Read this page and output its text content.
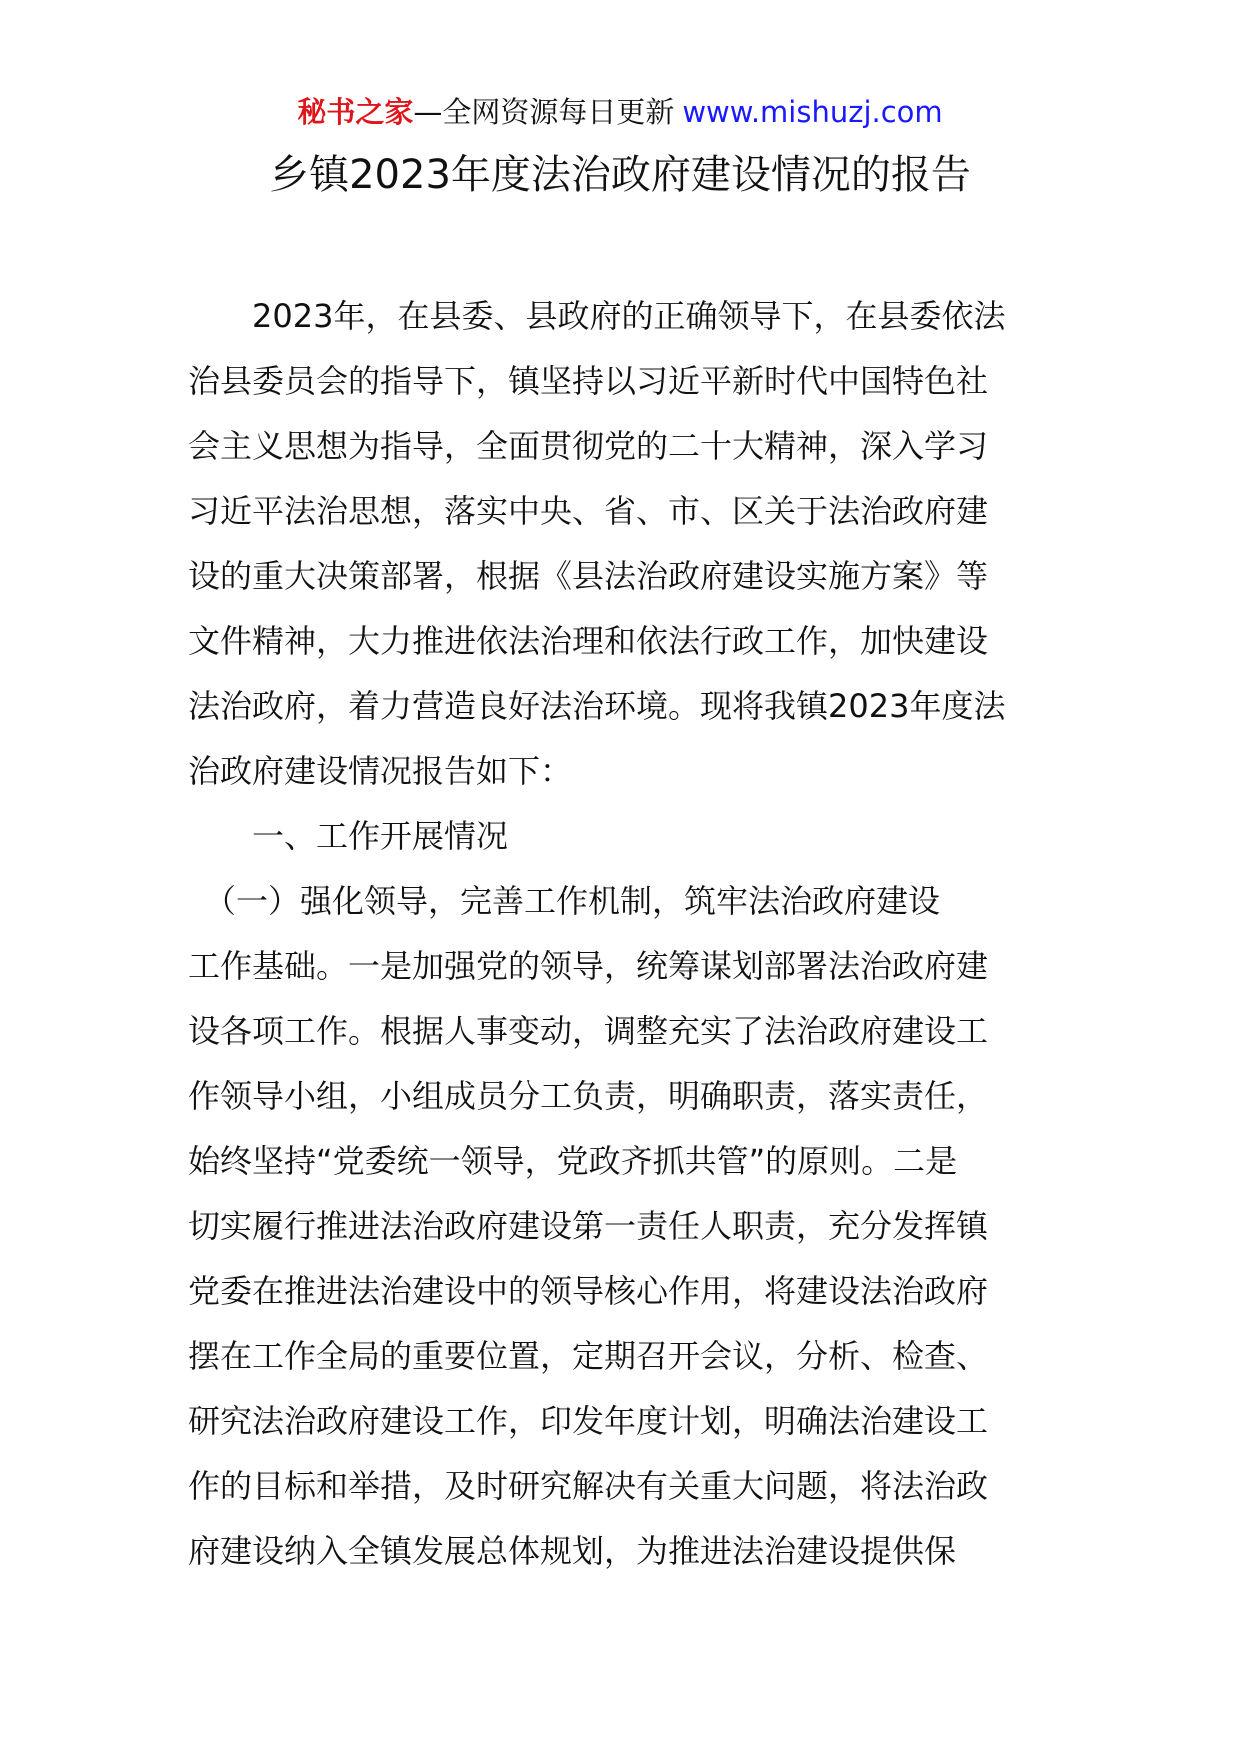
秘书之家—全网资源每日更新 www.mishuzj.com
乡镇2023年度法治政府建设情况的报告
　　2023年，在县委、县政府的正确领导下，在县委依法
治县委员会的指导下，镇坚持以习近平新时代中国特色社
会主义思想为指导，全面贯彻党的二十大精神，深入学习
习近平法治思想，落实中央、省、市、区关于法治政府建
设的重大决策部署，根据《县法治政府建设实施方案》等
文件精神，大力推进依法治理和依法行政工作，加快建设
法治政府，着力营造良好法治环境。现将我镇2023年度法
治政府建设情况报告如下：
　　一、工作开展情况
　（一）强化领导，完善工作机制，筑牢法治政府建设
工作基础。一是加强党的领导，统筹谋划部署法治政府建
设各项工作。根据人事变动，调整充实了法治政府建设工
作领导小组，小组成员分工负责，明确职责，落实责任，
始终坚持“党委统一领导，党政齐抓共管”的原则。二是
切实履行推进法治政府建设第一责任人职责，充分发挥镇
党委在推进法治建设中的领导核心作用，将建设法治政府
摆在工作全局的重要位置，定期召开会议，分析、检查、
研究法治政府建设工作，印发年度计划，明确法治建设工
作的目标和举措，及时研究解决有关重大问题，将法治政
府建设纳入全镇发展总体规划，为推进法治建设提供保
